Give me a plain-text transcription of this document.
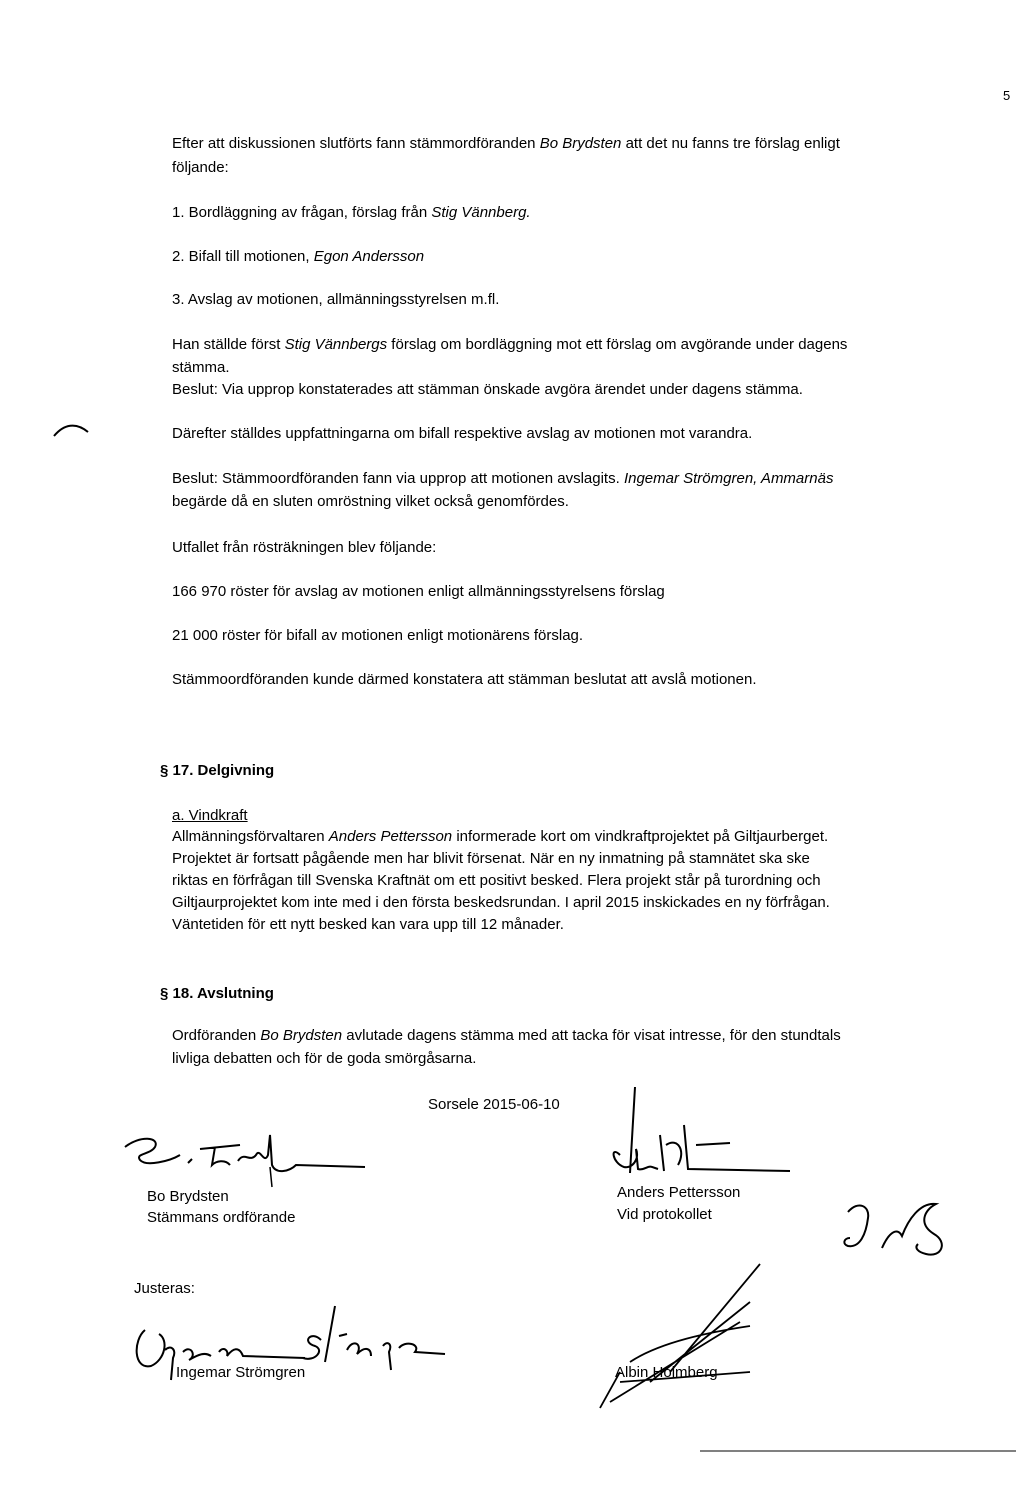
5

Efter att diskussionen slutförts fann stämmordföranden Bo Brydsten att det nu fanns tre förslag enligt

följande:

1. Bordläggning av frågan, förslag från Stig Vännberg.

2. Bifall till motionen, Egon Andersson

3. Avslag av motionen, allmänningsstyrelsen m.fl.

Han ställde först Stig Vännbergs förslag om bordläggning mot ett förslag om avgörande under dagens

stämma.

Beslut: Via upprop konstaterades att stämman önskade avgöra ärendet under dagens stämma.

Därefter ställdes uppfattningarna om bifall respektive avslag av motionen mot varandra.

Beslut: Stämmoordföranden fann via upprop att motionen avslagits. Ingemar Strömgren, Ammarnäs

begärde då en sluten omröstning vilket också genomfördes.

Utfallet från rösträkningen blev följande:

166 970 röster för avslag av motionen enligt allmänningsstyrelsens förslag

21 000 röster för bifall av motionen enligt motionärens förslag.

Stämmoordföranden kunde därmed konstatera att stämman beslutat att avslå motionen.

§ 17. Delgivning

a. Vindkraft

Allmänningsförvaltaren Anders Pettersson informerade kort om vindkraftprojektet på Giltjaurberget.

Projektet är fortsatt pågående men har blivit försenat. När en ny inmatning på stamnätet ska ske

riktas en förfrågan till Svenska Kraftnät om ett positivt besked. Flera projekt står på turordning och

Giltjaurprojektet kom inte med i den första beskedsrundan. I april 2015 inskickades en ny förfrågan.

Väntetiden för ett nytt besked kan vara upp till 12 månader.

§ 18. Avslutning

Ordföranden Bo Brydsten avlutade dagens stämma med att tacka för visat intresse, för den stundtals

livliga debatten och för de goda smörgåsarna.

Sorsele 2015-06-10

Bo Brydsten

Stämmans ordförande

Anders Pettersson

Vid protokollet

Justeras:

Ingemar Strömgren	Albin Holmberg
